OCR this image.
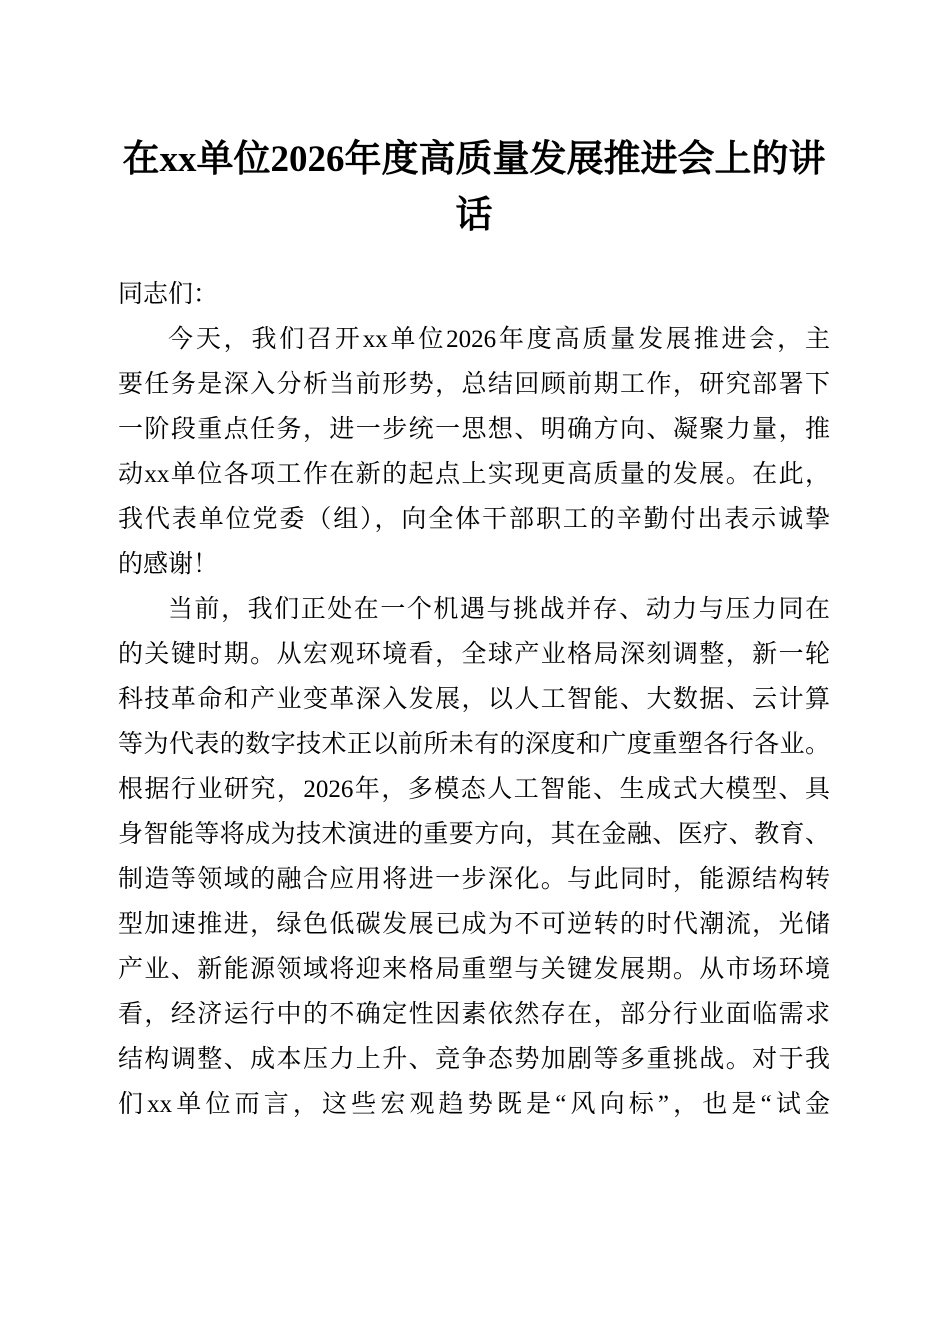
在xx单位2026年度高质量发展推进会上的讲
话
同志们：
今天，我们召开xx单位2026年度高质量发展推进会，主
要任务是深入分析当前形势，总结回顾前期工作，研究部署下
一阶段重点任务，进一步统一思想、明确方向、凝聚力量，推
动xx单位各项工作在新的起点上实现更高质量的发展。在此，
我代表单位党委（组），向全体干部职工的辛勤付出表示诚挚
的感谢！
当前，我们正处在一个机遇与挑战并存、动力与压力同在
的关键时期。从宏观环境看，全球产业格局深刻调整，新一轮
科技革命和产业变革深入发展，以人工智能、大数据、云计算
等为代表的数字技术正以前所未有的深度和广度重塑各行各业。
根据行业研究，2026年，多模态人工智能、生成式大模型、具
身智能等将成为技术演进的重要方向，其在金融、医疗、教育、
制造等领域的融合应用将进一步深化。与此同时，能源结构转
型加速推进，绿色低碳发展已成为不可逆转的时代潮流，光储
产业、新能源领域将迎来格局重塑与关键发展期。从市场环境
看，经济运行中的不确定性因素依然存在，部分行业面临需求
结构调整、成本压力上升、竞争态势加剧等多重挑战。对于我
们xx单位而言，这些宏观趋势既是“风向标”，也是“试金
